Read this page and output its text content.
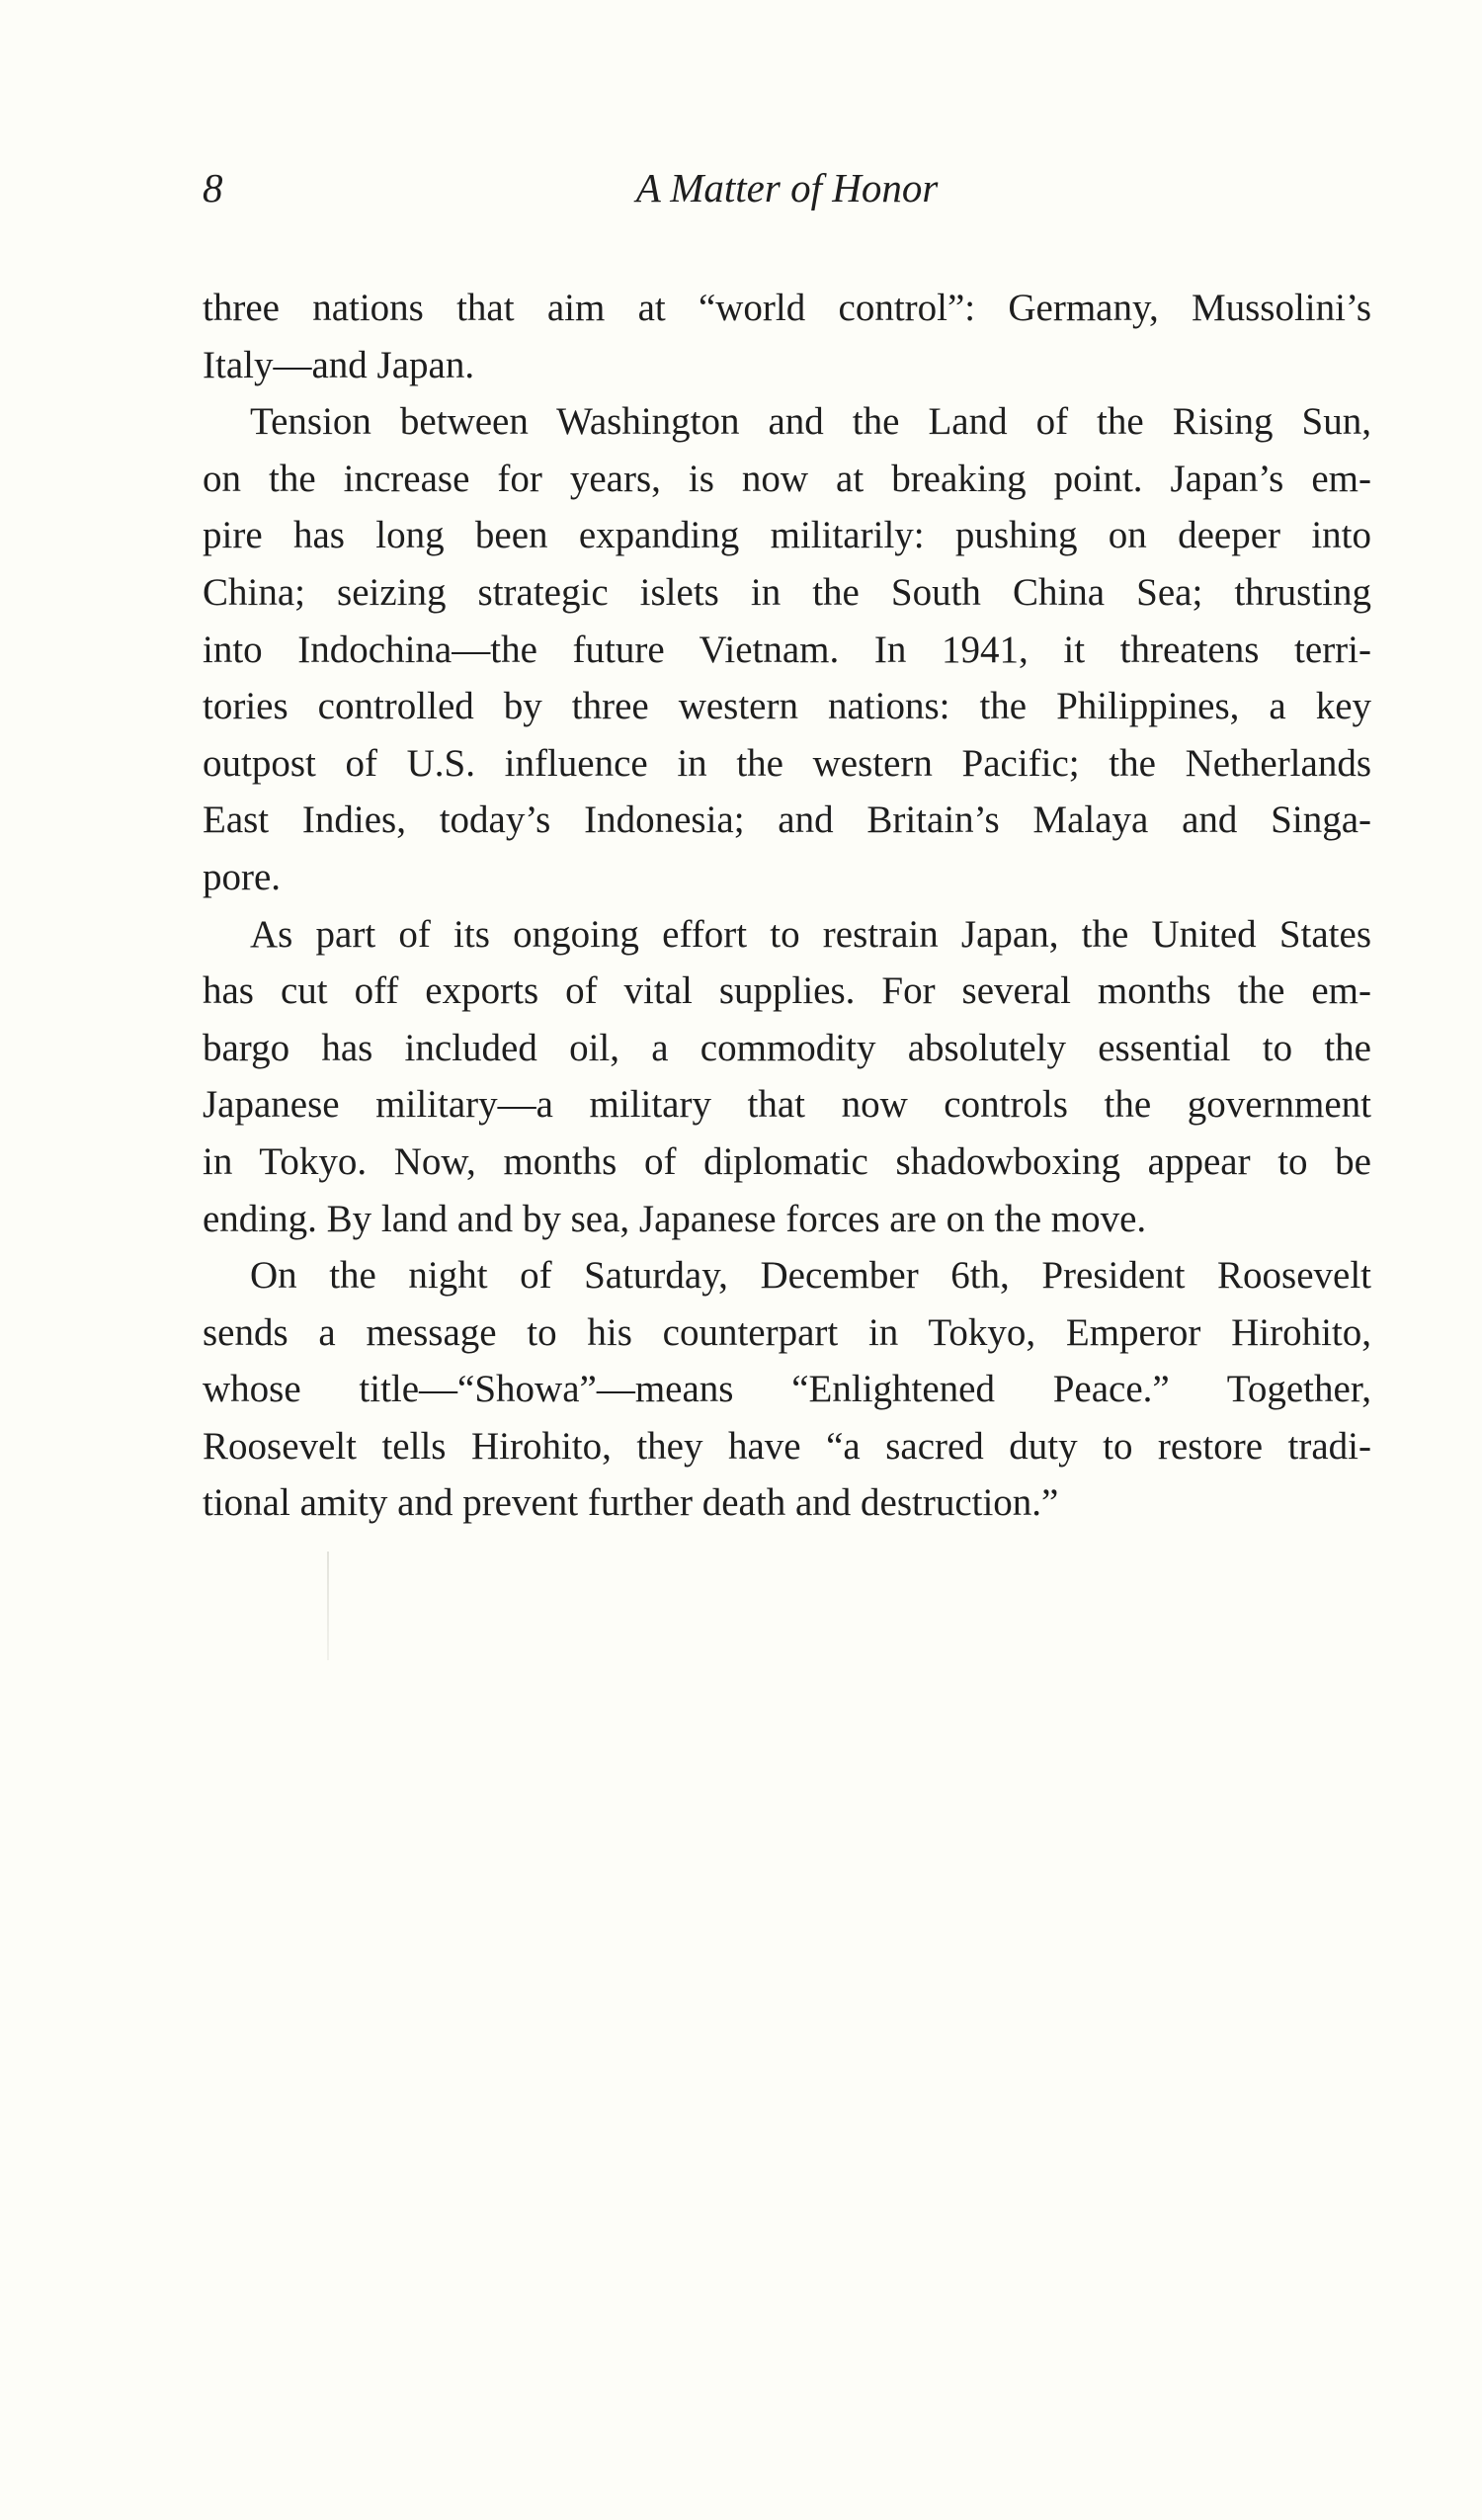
8	A Matter of Honor

three nations that aim at “world control”: Germany, Mussolini’s
Italy—and Japan.

Tension between Washington and the Land of the Rising Sun,
on the increase for years, is now at breaking point. Japan’s em-
pire has long been expanding militarily: pushing on deeper into
China; seizing strategic islets in the South China Sea; thrusting
into Indochina—the future Vietnam. In 1941, it threatens terri-
tories controlled by three western nations: the Philippines, a key
outpost of U.S. influence in the western Pacific; the Netherlands
East Indies, today’s Indonesia; and Britain’s Malaya and Singa-
pore.

As part of its ongoing effort to restrain Japan, the United States
has cut off exports of vital supplies. For several months the em-
bargo has included oil, a commodity absolutely essential to the
Japanese military—a military that now controls the government
in Tokyo. Now, months of diplomatic shadowboxing appear to be
ending. By land and by sea, Japanese forces are on the move.

On the night of Saturday, December 6th, President Roosevelt
sends a message to his counterpart in Tokyo, Emperor Hirohito,
whose title—“Showa”—means “Enlightened Peace.” Together,
Roosevelt tells Hirohito, they have “a sacred duty to restore tradi-
tional amity and prevent further death and destruction.”
